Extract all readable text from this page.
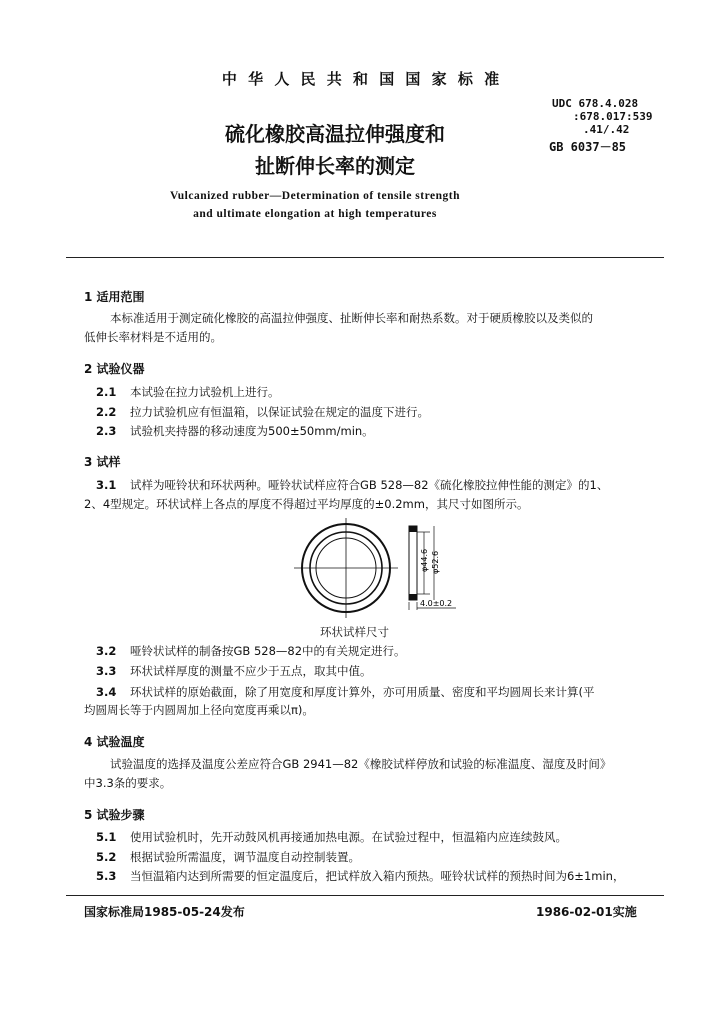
中 华 人 民 共 和 国 国 家 标 准
硫化橡胶高温拉伸强度和
扯断伸长率的测定
UDC 678.4.028
:678.017:539
.41/.42
GB 6037－85
Vulcanized rubber—Determination of tensile strength
and ultimate elongation at high temperatures
1 适用范围
本标准适用于测定硫化橡胶的高温拉伸强度、扯断伸长率和耐热系数。对于硬质橡胶以及类似的
低伸长率材料是不适用的。
2 试验仪器
2.1 本试验在拉力试验机上进行。
2.2 拉力试验机应有恒温箱，以保证试验在规定的温度下进行。
2.3 试验机夹持器的移动速度为500±50mm/min。
3 试样
3.1 试样为哑铃状和环状两种。哑铃状试样应符合GB 528—82《硫化橡胶拉伸性能的测定》的1、
2、4型规定。环状试样上各点的厚度不得超过平均厚度的±0.2mm，其尺寸如图所示。
φ44.6 φ52.6
4.0±0.2
环状试样尺寸
3.2 哑铃状试样的制备按GB 528—82中的有关规定进行。
3.3 环状试样厚度的测量不应少于五点，取其中值。
3.4 环状试样的原始截面，除了用宽度和厚度计算外，亦可用质量、密度和平均圆周长来计算(平
均圆周长等于内圆周加上径向宽度再乘以π)。
4 试验温度
试验温度的选择及温度公差应符合GB 2941—82《橡胶试样停放和试验的标准温度、湿度及时间》
中3.3条的要求。
5 试验步骤
5.1 使用试验机时，先开动鼓风机再接通加热电源。在试验过程中，恒温箱内应连续鼓风。
5.2 根据试验所需温度，调节温度自动控制装置。
5.3 当恒温箱内达到所需要的恒定温度后，把试样放入箱内预热。哑铃状试样的预热时间为6±1min，
国家标准局1985-05-24发布	1986-02-01实施
